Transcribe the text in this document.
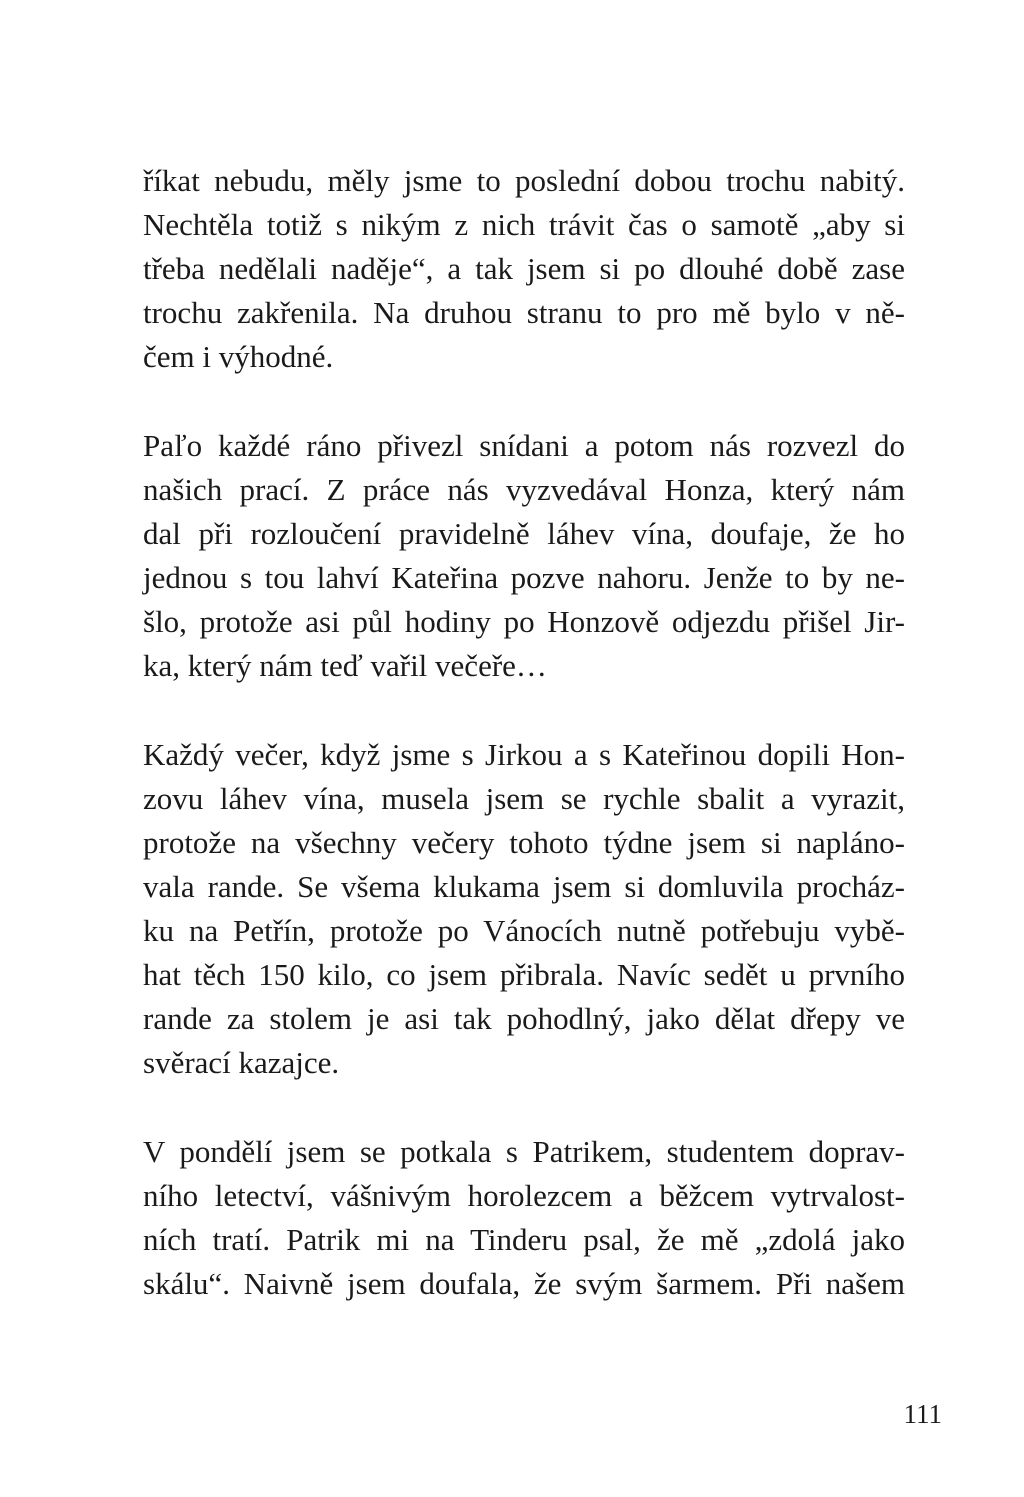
říkat nebudu, měly jsme to poslední dobou trochu nabitý.
Nechtěla totiž s nikým z nich trávit čas o samotě „aby si
třeba nedělali naděje“, a tak jsem si po dlouhé době zase
trochu zakřenila. Na druhou stranu to pro mě bylo v ně-
čem i výhodné.
Paľo každé ráno přivezl snídani a potom nás rozvezl do
našich prací. Z práce nás vyzvedával Honza, který nám
dal při rozloučení pravidelně láhev vína, doufaje, že ho
jednou s tou lahví Kateřina pozve nahoru. Jenže to by ne-
šlo, protože asi půl hodiny po Honzově odjezdu přišel Jir-
ka, který nám teď vařil večeře…
Každý večer, když jsme s Jirkou a s Kateřinou dopili Hon-
zovu láhev vína, musela jsem se rychle sbalit a vyrazit,
protože na všechny večery tohoto týdne jsem si napláno-
vala rande. Se všema klukama jsem si domluvila procház-
ku na Petřín, protože po Vánocích nutně potřebuju vybě-
hat těch 150 kilo, co jsem přibrala. Navíc sedět u prvního
rande za stolem je asi tak pohodlný, jako dělat dřepy ve
svěrací kazajce.
V pondělí jsem se potkala s Patrikem, studentem doprav-
ního letectví, vášnivým horolezcem a běžcem vytrvalost-
ních tratí. Patrik mi na Tinderu psal, že mě „zdolá jako
skálu“. Naivně jsem doufala, že svým šarmem. Při našem
111
